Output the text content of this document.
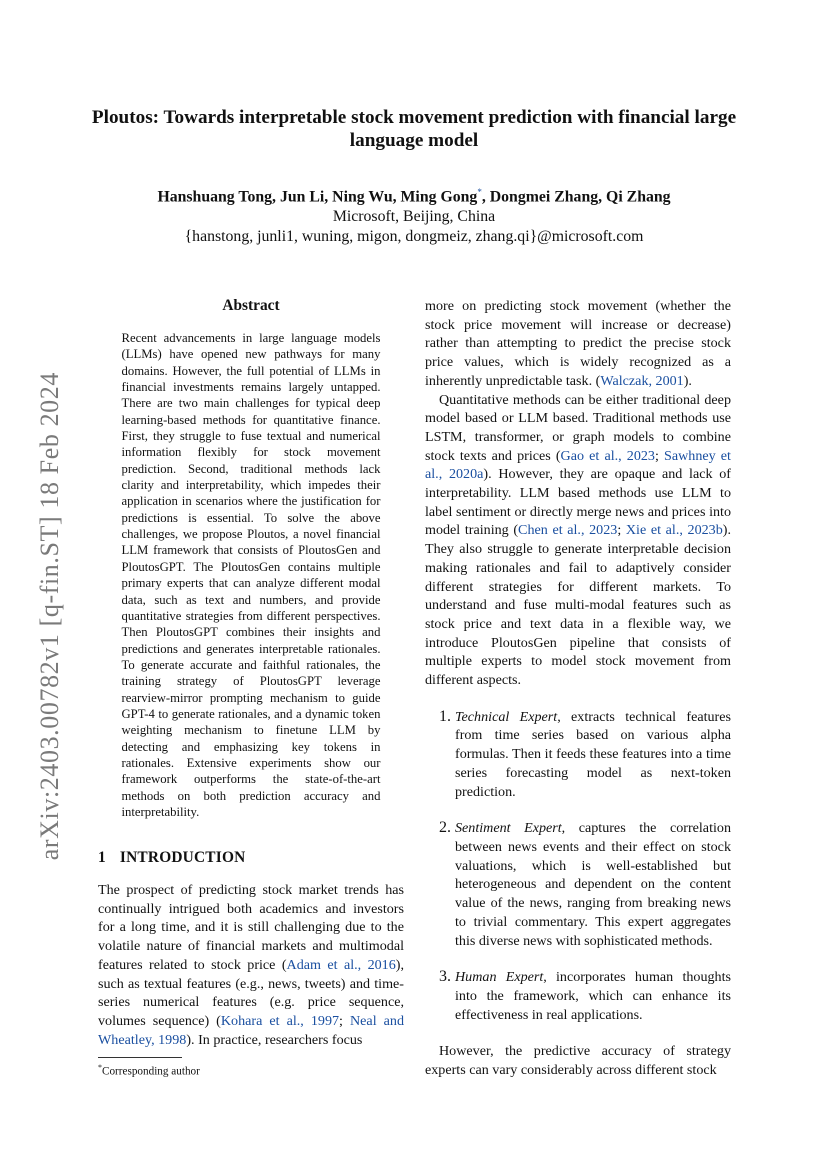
arXiv:2403.00782v1 [q-fin.ST] 18 Feb 2024
Ploutos: Towards interpretable stock movement prediction with financial large language model
Hanshuang Tong, Jun Li, Ning Wu, Ming Gong*, Dongmei Zhang, Qi Zhang
Microsoft, Beijing, China
{hanstong, junli1, wuning, migon, dongmeiz, zhang.qi}@microsoft.com
Abstract
Recent advancements in large language models (LLMs) have opened new pathways for many domains. However, the full potential of LLMs in financial investments remains largely untapped. There are two main challenges for typical deep learning-based methods for quantitative finance. First, they struggle to fuse textual and numerical information flexibly for stock movement prediction. Second, traditional methods lack clarity and interpretability, which impedes their application in scenarios where the justification for predictions is essential. To solve the above challenges, we propose Ploutos, a novel financial LLM framework that consists of PloutosGen and PloutosGPT. The PloutosGen contains multiple primary experts that can analyze different modal data, such as text and numbers, and provide quantitative strategies from different perspectives. Then PloutosGPT combines their insights and predictions and generates interpretable rationales. To generate accurate and faithful rationales, the training strategy of PloutosGPT leverage rearview-mirror prompting mechanism to guide GPT-4 to generate rationales, and a dynamic token weighting mechanism to finetune LLM by detecting and emphasizing key tokens in rationales. Extensive experiments show our framework outperforms the state-of-the-art methods on both prediction accuracy and interpretability.
1 INTRODUCTION

The prospect of predicting stock market trends has continually intrigued both academics and investors for a long time, and it is still challenging due to the volatile nature of financial markets and multimodal features related to stock price (Adam et al., 2016), such as textual features (e.g., news, tweets) and time-series numerical features (e.g. price sequence, volumes sequence) (Kohara et al., 1997; Neal and Wheatley, 1998). In practice, researchers focus

*Corresponding author

more on predicting stock movement (whether the stock price movement will increase or decrease) rather than attempting to predict the precise stock price values, which is widely recognized as a inherently unpredictable task. (Walczak, 2001).

Quantitative methods can be either traditional deep model based or LLM based. Traditional methods use LSTM, transformer, or graph models to combine stock texts and prices (Gao et al., 2023; Sawhney et al., 2020a). However, they are opaque and lack of interpretability. LLM based methods use LLM to label sentiment or directly merge news and prices into model training (Chen et al., 2023; Xie et al., 2023b). They also struggle to generate interpretable decision making rationales and fail to adaptively consider different strategies for different markets. To understand and fuse multi-modal features such as stock price and text data in a flexible way, we introduce PloutosGen pipeline that consists of multiple experts to model stock movement from different aspects.

1. Technical Expert, extracts technical features from time series based on various alpha formulas. Then it feeds these features into a time series forecasting model as next-token prediction.

2. Sentiment Expert, captures the correlation between news events and their effect on stock valuations, which is well-established but heterogeneous and dependent on the content value of the news, ranging from breaking news to trivial commentary. This expert aggregates this diverse news with sophisticated methods.

3. Human Expert, incorporates human thoughts into the framework, which can enhance its effectiveness in real applications.

However, the predictive accuracy of strategy experts can vary considerably across different stock
